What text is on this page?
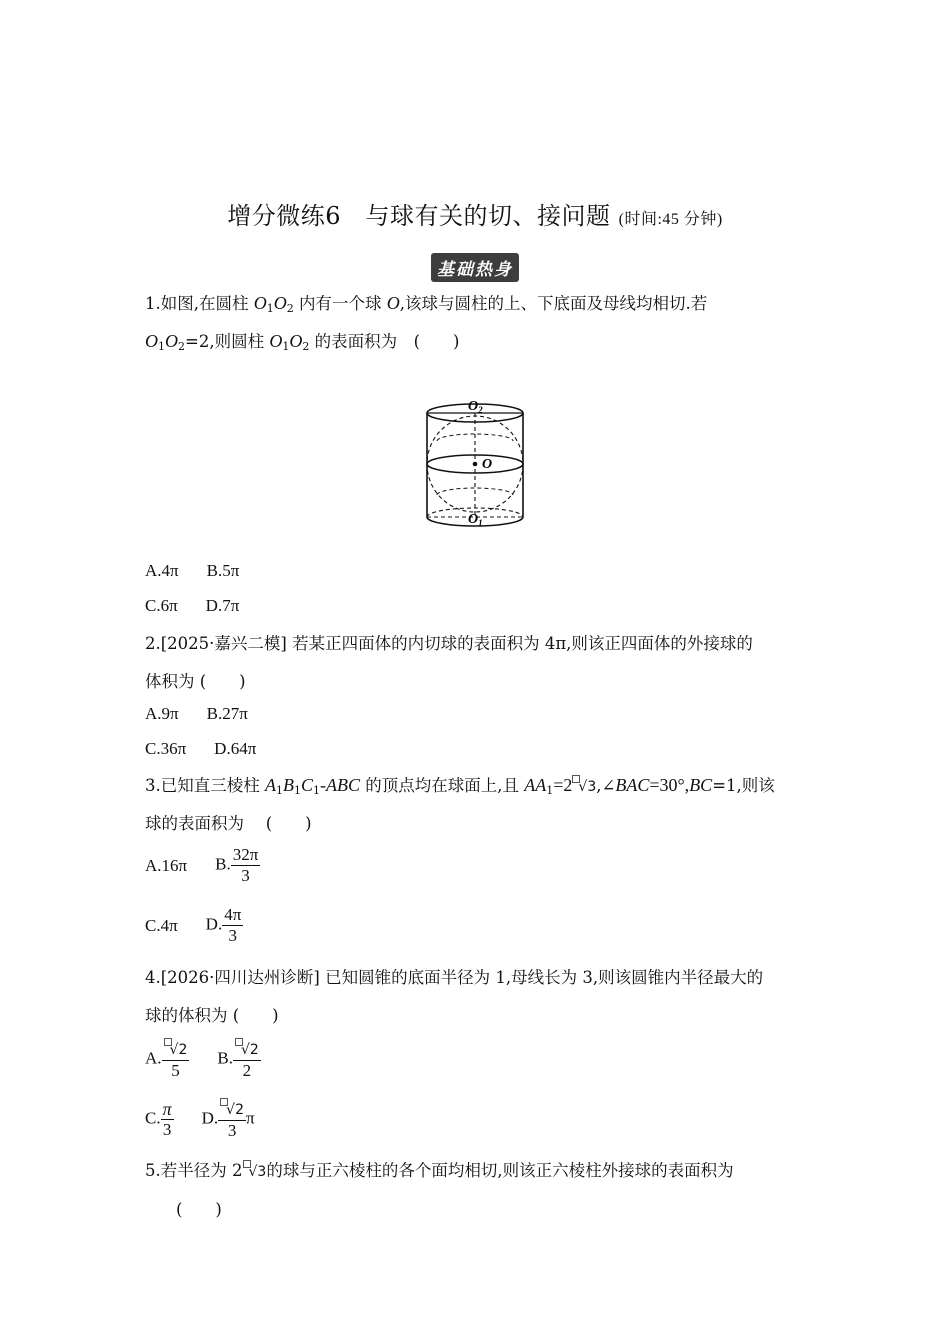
增分微练6　与球有关的切、接问题 (时间:45 分钟)
基础热身
1.如图,在圆柱 $O_1O_2$ 内有一个球 O,该球与圆柱的上、下底面及母线均相切.若
$O_1O_2=2$,则圆柱 $O_1O_2$ 的表面积为　(　　)
$O_2$
O
$O_1$
A.4π B.5π
C.6π D.7π
2.[2025·嘉兴二模] 若某正四面体的内切球的表面积为 4π,则该正四面体的外接球的
体积为 (　　)
A.9π B.27π
C.36π D.64π
3.已知直三棱柱 $A_1B_1C_1$-ABC 的顶点均在球面上,且 $AA_1=2$ √3,∠BAC=30°,BC=1,则该
球的表面积为　 (　　)
A.16π B. $\frac{32\pi}{3}$
C.4π D. $\frac{4\pi}{3}$
4.[2026·四川达州诊断] 已知圆锥的底面半径为 1,母线长为 3,则该圆锥内半径最大的
球的体积为 (　　)
A. $\frac{√2}{5} B$. $\frac{√2}{2}$
C. $\frac{\pi}{3} D$. $\frac{√2}{3}$ π
5.若半径为 2 √3的球与正六棱柱的各个面均相切,则该正六棱柱外接球的表面积为
(　　)
